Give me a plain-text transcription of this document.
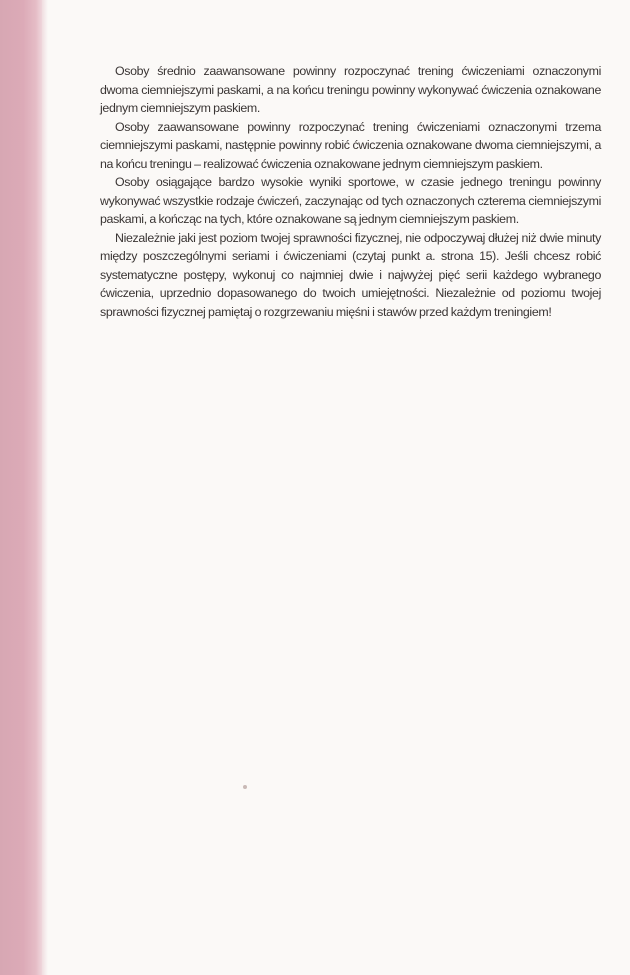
Osoby średnio zaawansowane powinny rozpoczynać trening ćwiczeniami oznaczonymi dwoma ciemniejszymi paskami, a na końcu treningu powinny wykonywać ćwiczenia oznakowane jednym ciemniejszym paskiem.

Osoby zaawansowane powinny rozpoczynać trening ćwiczeniami oznaczonymi trzema ciemniejszymi paskami, następnie powinny robić ćwiczenia oznakowane dwoma ciemniejszymi, a na końcu treningu – realizować ćwiczenia oznakowane jednym ciemniejszym paskiem.

Osoby osiągające bardzo wysokie wyniki sportowe, w czasie jednego treningu powinny wykonywać wszystkie rodzaje ćwiczeń, zaczynając od tych oznaczonych czterema ciemniejszymi paskami, a kończąc na tych, które oznakowane są jednym ciemniejszym paskiem.

Niezależnie jaki jest poziom twojej sprawności fizycznej, nie odpoczywaj dłużej niż dwie minuty między poszczególnymi seriami i ćwiczeniami (czytaj punkt a. strona 15). Jeśli chcesz robić systematyczne postępy, wykonuj co najmniej dwie i najwyżej pięć serii każdego wybranego ćwiczenia, uprzednio dopasowanego do twoich umiejętności. Niezależnie od poziomu twojej sprawności fizycznej pamiętaj o rozgrzewaniu mięśni i stawów przed każdym treningiem!
